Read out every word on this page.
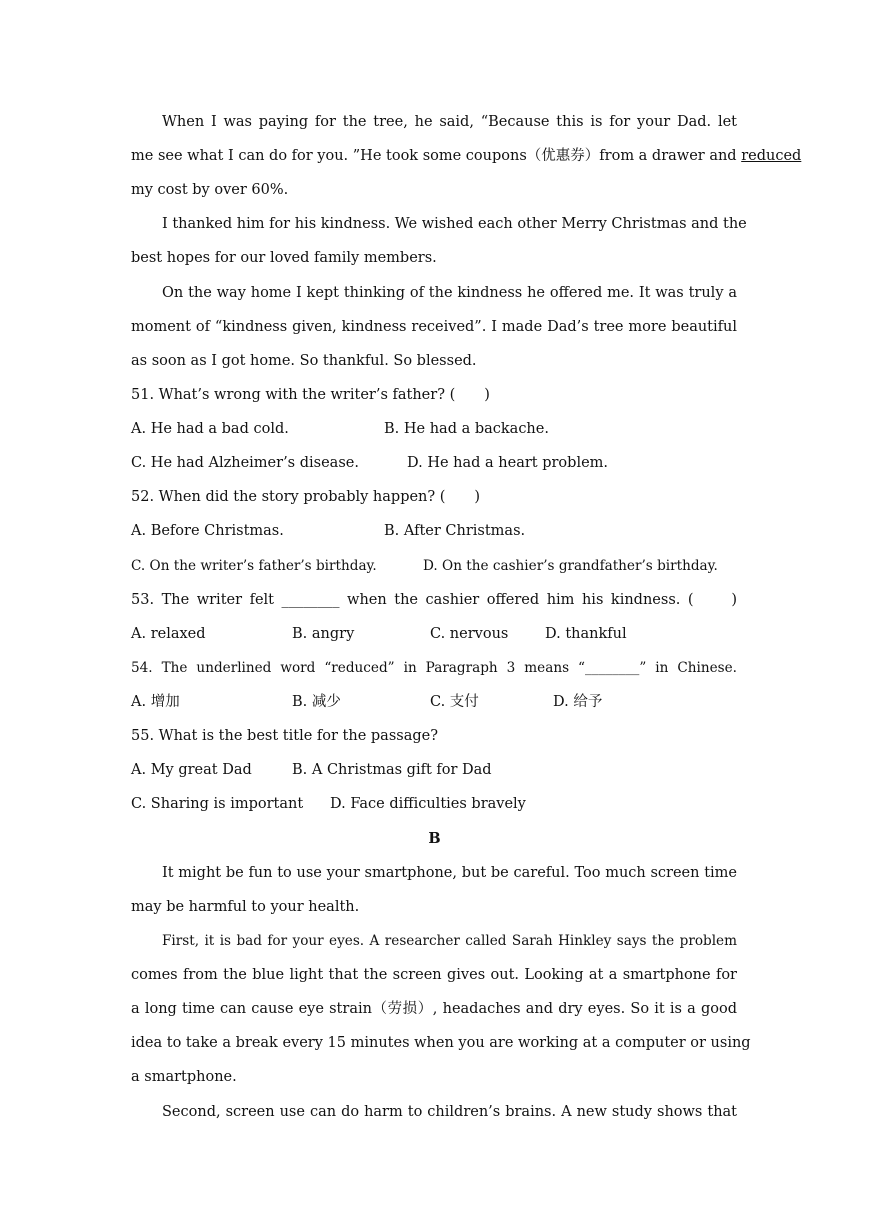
When I was paying for the tree, he said, “Because this is for your Dad. let
me see what I can do for you. ”He took some coupons（优惠券）from a drawer and reduced
my cost by over 60%.
I thanked him for his kindness. We wished each other Merry Christmas and the
best hopes for our loved family members.
On the way home I kept thinking of the kindness he offered me. It was truly a
moment of “kindness given, kindness received”. I made Dad’s tree more beautiful
as soon as I got home. So thankful. So blessed.
51. What’s wrong with the writer’s father? (　　)
A. He had a bad cold.	B. He had a backache.
C. He had Alzheimer’s disease.	D. He had a heart problem.
52. When did the story probably happen? (　　)
A. Before Christmas.	B. After Christmas.
C. On the writer’s father’s birthday.	D. On the cashier’s grandfather’s birthday.
53. The writer felt ________ when the cashier offered him his kindness. (　　)
A. relaxed	B. angry	C. nervous	D. thankful
54. The underlined word “reduced” in Paragraph 3 means “________” in Chinese.
A. 增加	B. 减少	C. 支付	D. 给予
55. What is the best title for the passage?
A. My great Dad	B. A Christmas gift for Dad
C. Sharing is important D. Face difficulties bravely
B
It might be fun to use your smartphone, but be careful. Too much screen time
may be harmful to your health.
First, it is bad for your eyes. A researcher called Sarah Hinkley says the problem
comes from the blue light that the screen gives out. Looking at a smartphone for
a long time can cause eye strain（劳损）, headaches and dry eyes. So it is a good
idea to take a break every 15 minutes when you are working at a computer or using
a smartphone.
Second, screen use can do harm to children’s brains. A new study shows that
